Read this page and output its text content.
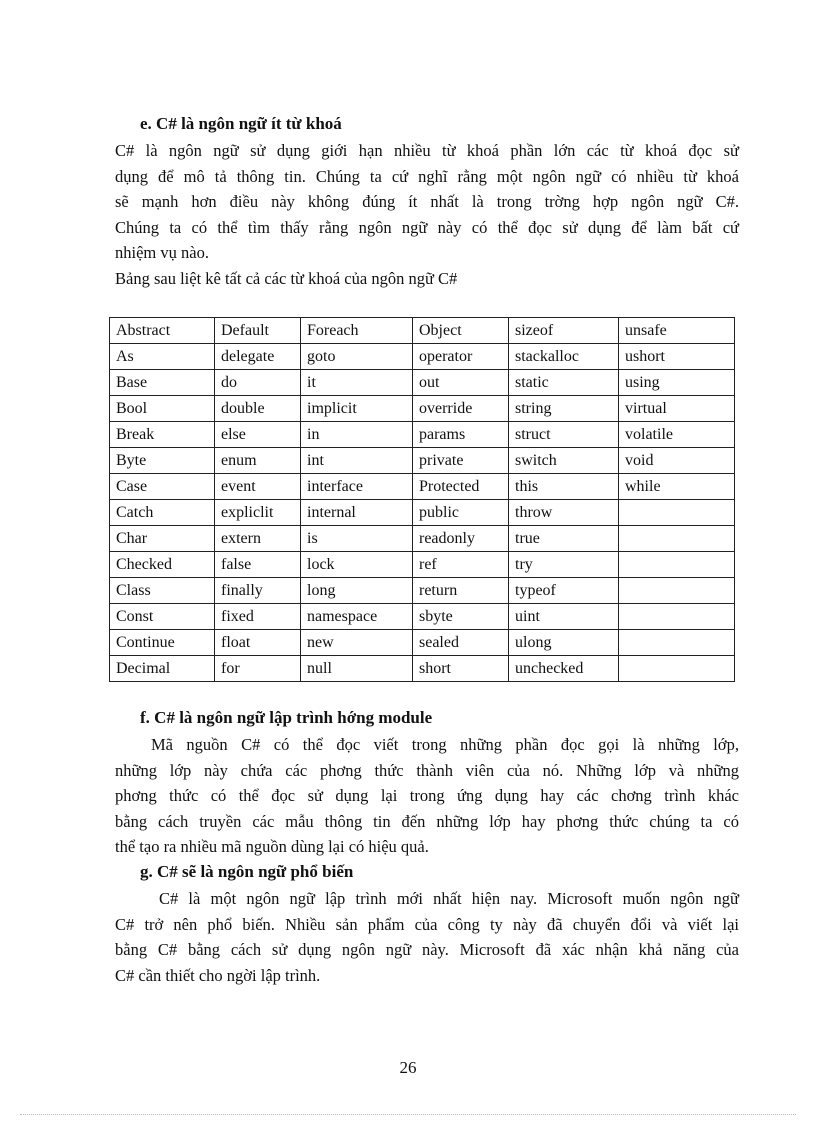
e. C# là ngôn ngữ ít từ khoá
C# là ngôn ngữ sử dụng giới hạn nhiều từ khoá phần lớn các từ khoá đọc sử
dụng để mô tả thông tin. Chúng ta cứ nghĩ rằng một ngôn ngữ có nhiều từ khoá
sẽ mạnh hơn điều này không đúng ít nhất là trong trờng hợp ngôn ngữ C#.
Chúng ta có thể tìm thấy rằng ngôn ngữ này có thể đọc sử dụng để làm bất cứ
nhiệm vụ nào.
Bảng sau liệt kê tất cả các từ khoá của ngôn ngữ C#
Abstract	Default	Foreach	Object	sizeof	unsafe
As	delegate	goto	operator	stackalloc	ushort
Base	do	it	out	static	using
Bool	double	implicit	override	string	virtual
Break	else	in	params	struct	volatile
Byte	enum	int	private	switch	void
Case	event	interface	Protected	this	while
Catch	expliclit	internal	public	throw	
Char	extern	is	readonly	true	
Checked	false	lock	ref	try	
Class	finally	long	return	typeof	
Const	fixed	namespace	sbyte	uint	
Continue	float	new	sealed	ulong	
Decimal	for	null	short	unchecked	
f. C# là ngôn ngữ lập trình hớng module
Mã nguồn C# có thể đọc viết trong những phần đọc gọi là những lớp,
những lớp này chứa các phơng thức thành viên của nó. Những lớp và những
phơng thức có thể đọc sử dụng lại trong ứng dụng hay các chơng trình khác
bằng cách truyền các mẫu thông tin đến những lớp hay phơng thức chúng ta có
thể tạo ra nhiều mã nguồn dùng lại có hiệu quả.
g. C# sẽ là ngôn ngữ phổ biến
C# là một ngôn ngữ lập trình mới nhất hiện nay. Microsoft muốn ngôn ngữ
C# trở nên phổ biến. Nhiều sản phẩm của công ty này đã chuyển đổi và viết lại
bằng C# bằng cách sử dụng ngôn ngữ này. Microsoft đã xác nhận khả năng của
C# cần thiết cho ngời lập trình.
26
